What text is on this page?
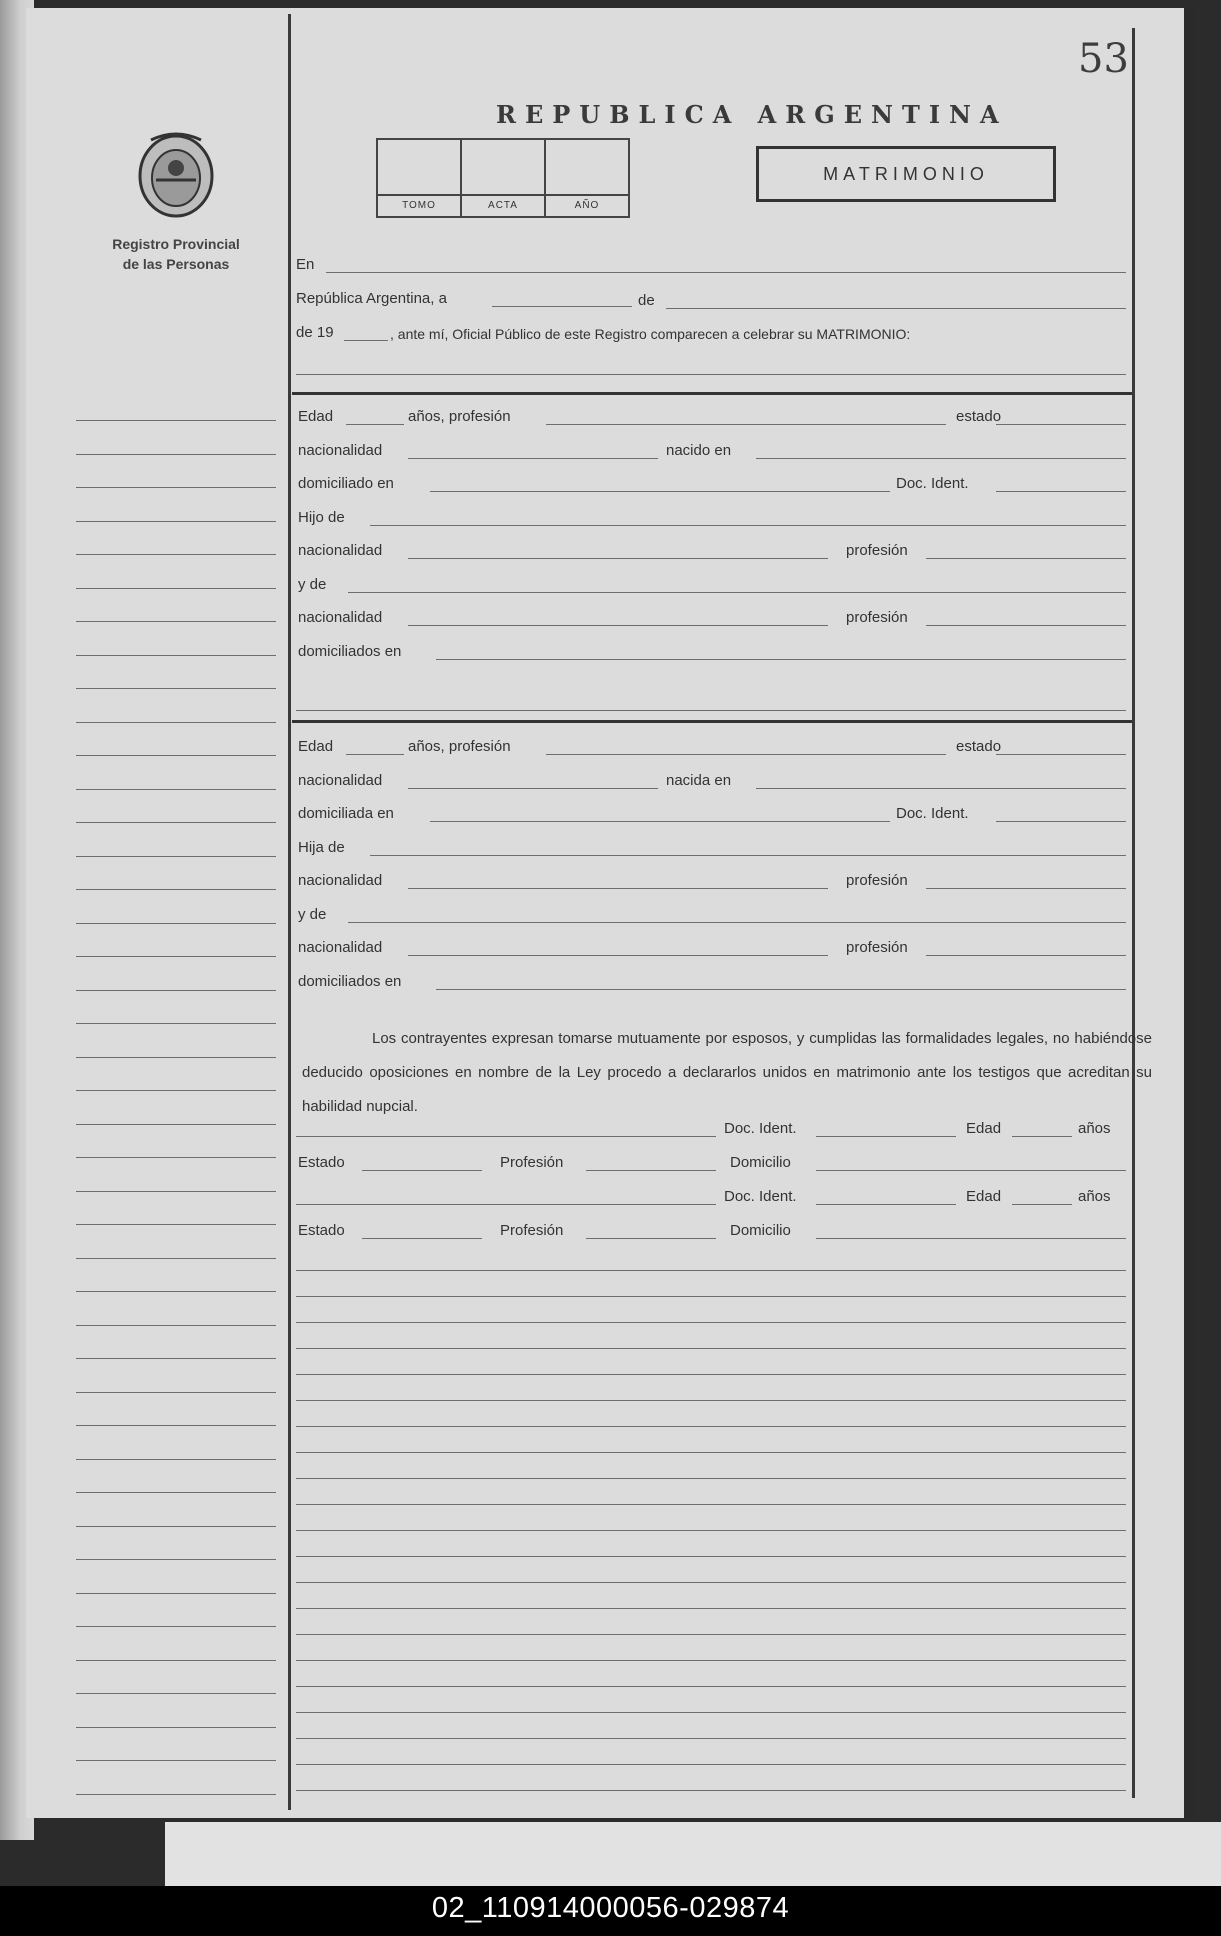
53
REPUBLICA ARGENTINA
TOMO	ACTA	AÑO
MATRIMONIO
Registro Provincial
de las Personas	En
República Argentina, a	de
de 19	, ante mí, Oficial Público de este Registro comparecen a celebrar su MATRIMONIO:
Edad	años, profesión	estado
nacionalidad	nacido en
domiciliado en	Doc. Ident.
Hijo de
nacionalidad	profesión
y de
nacionalidad	profesión
domiciliados en
Edad	años, profesión	estado
nacionalidad	nacida en
domiciliada en	Doc. Ident.
Hija de
nacionalidad	profesión
y de
nacionalidad	profesión
domiciliados en
Los contrayentes expresan tomarse mutuamente por esposos, y cumplidas las formalidades legales, no habiéndose deducido oposiciones en nombre de la Ley procedo a declararlos unidos en matrimonio ante los testigos que acreditan su habilidad nupcial.
Doc. Ident.	Edad	años
Estado	Profesión	Domicilio
Doc. Ident.	Edad	años
Estado	Profesión	Domicilio
02_110914000056-029874
